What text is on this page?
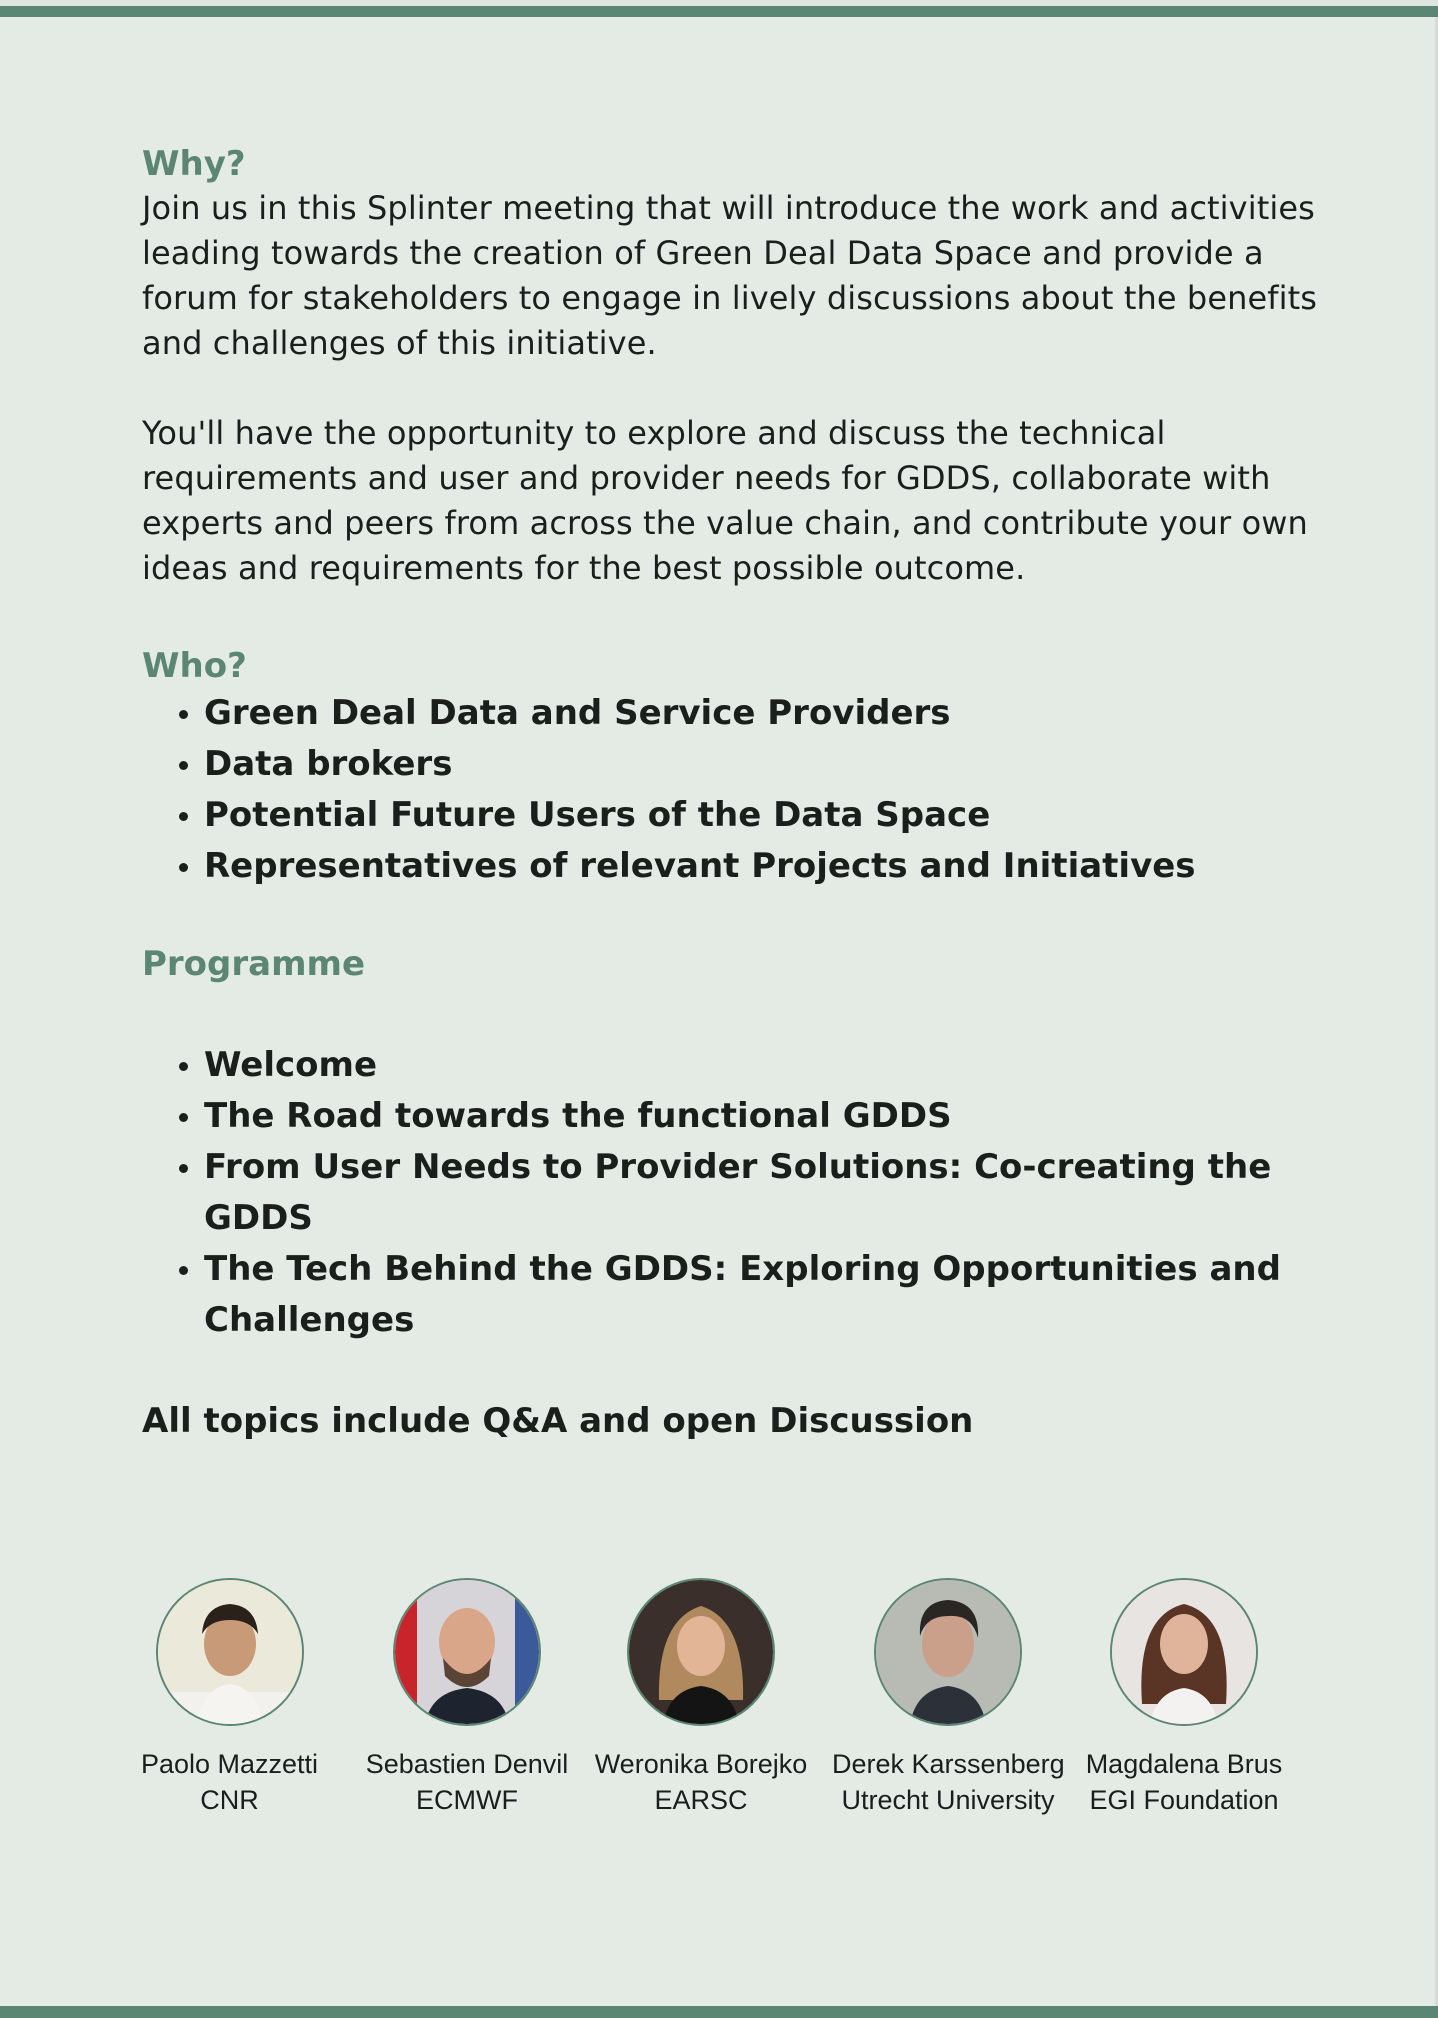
Why?

Join us in this Splinter meeting that will introduce the work and activities leading towards the creation of Green Deal Data Space and provide a forum for stakeholders to engage in lively discussions about the benefits and challenges of this initiative.

You'll have the opportunity to explore and discuss the technical requirements and user and provider needs for GDDS, collaborate with experts and peers from across the value chain, and contribute your own ideas and requirements for the best possible outcome.

Who?
• Green Deal Data and Service Providers
• Data brokers
• Potential Future Users of the Data Space
• Representatives of relevant Projects and Initiatives
Programme
• Welcome
• The Road towards the functional GDDS
• From User Needs to Provider Solutions: Co-creating the GDDS
• The Tech Behind the GDDS: Exploring Opportunities and Challenges

All topics include Q&A and open Discussion

Paolo Mazzetti
CNR
Sebastien Denvil
ECMWF
Weronika Borejko
EARSC
Derek Karssenberg
Utrecht University
Magdalena Brus
EGI Foundation
